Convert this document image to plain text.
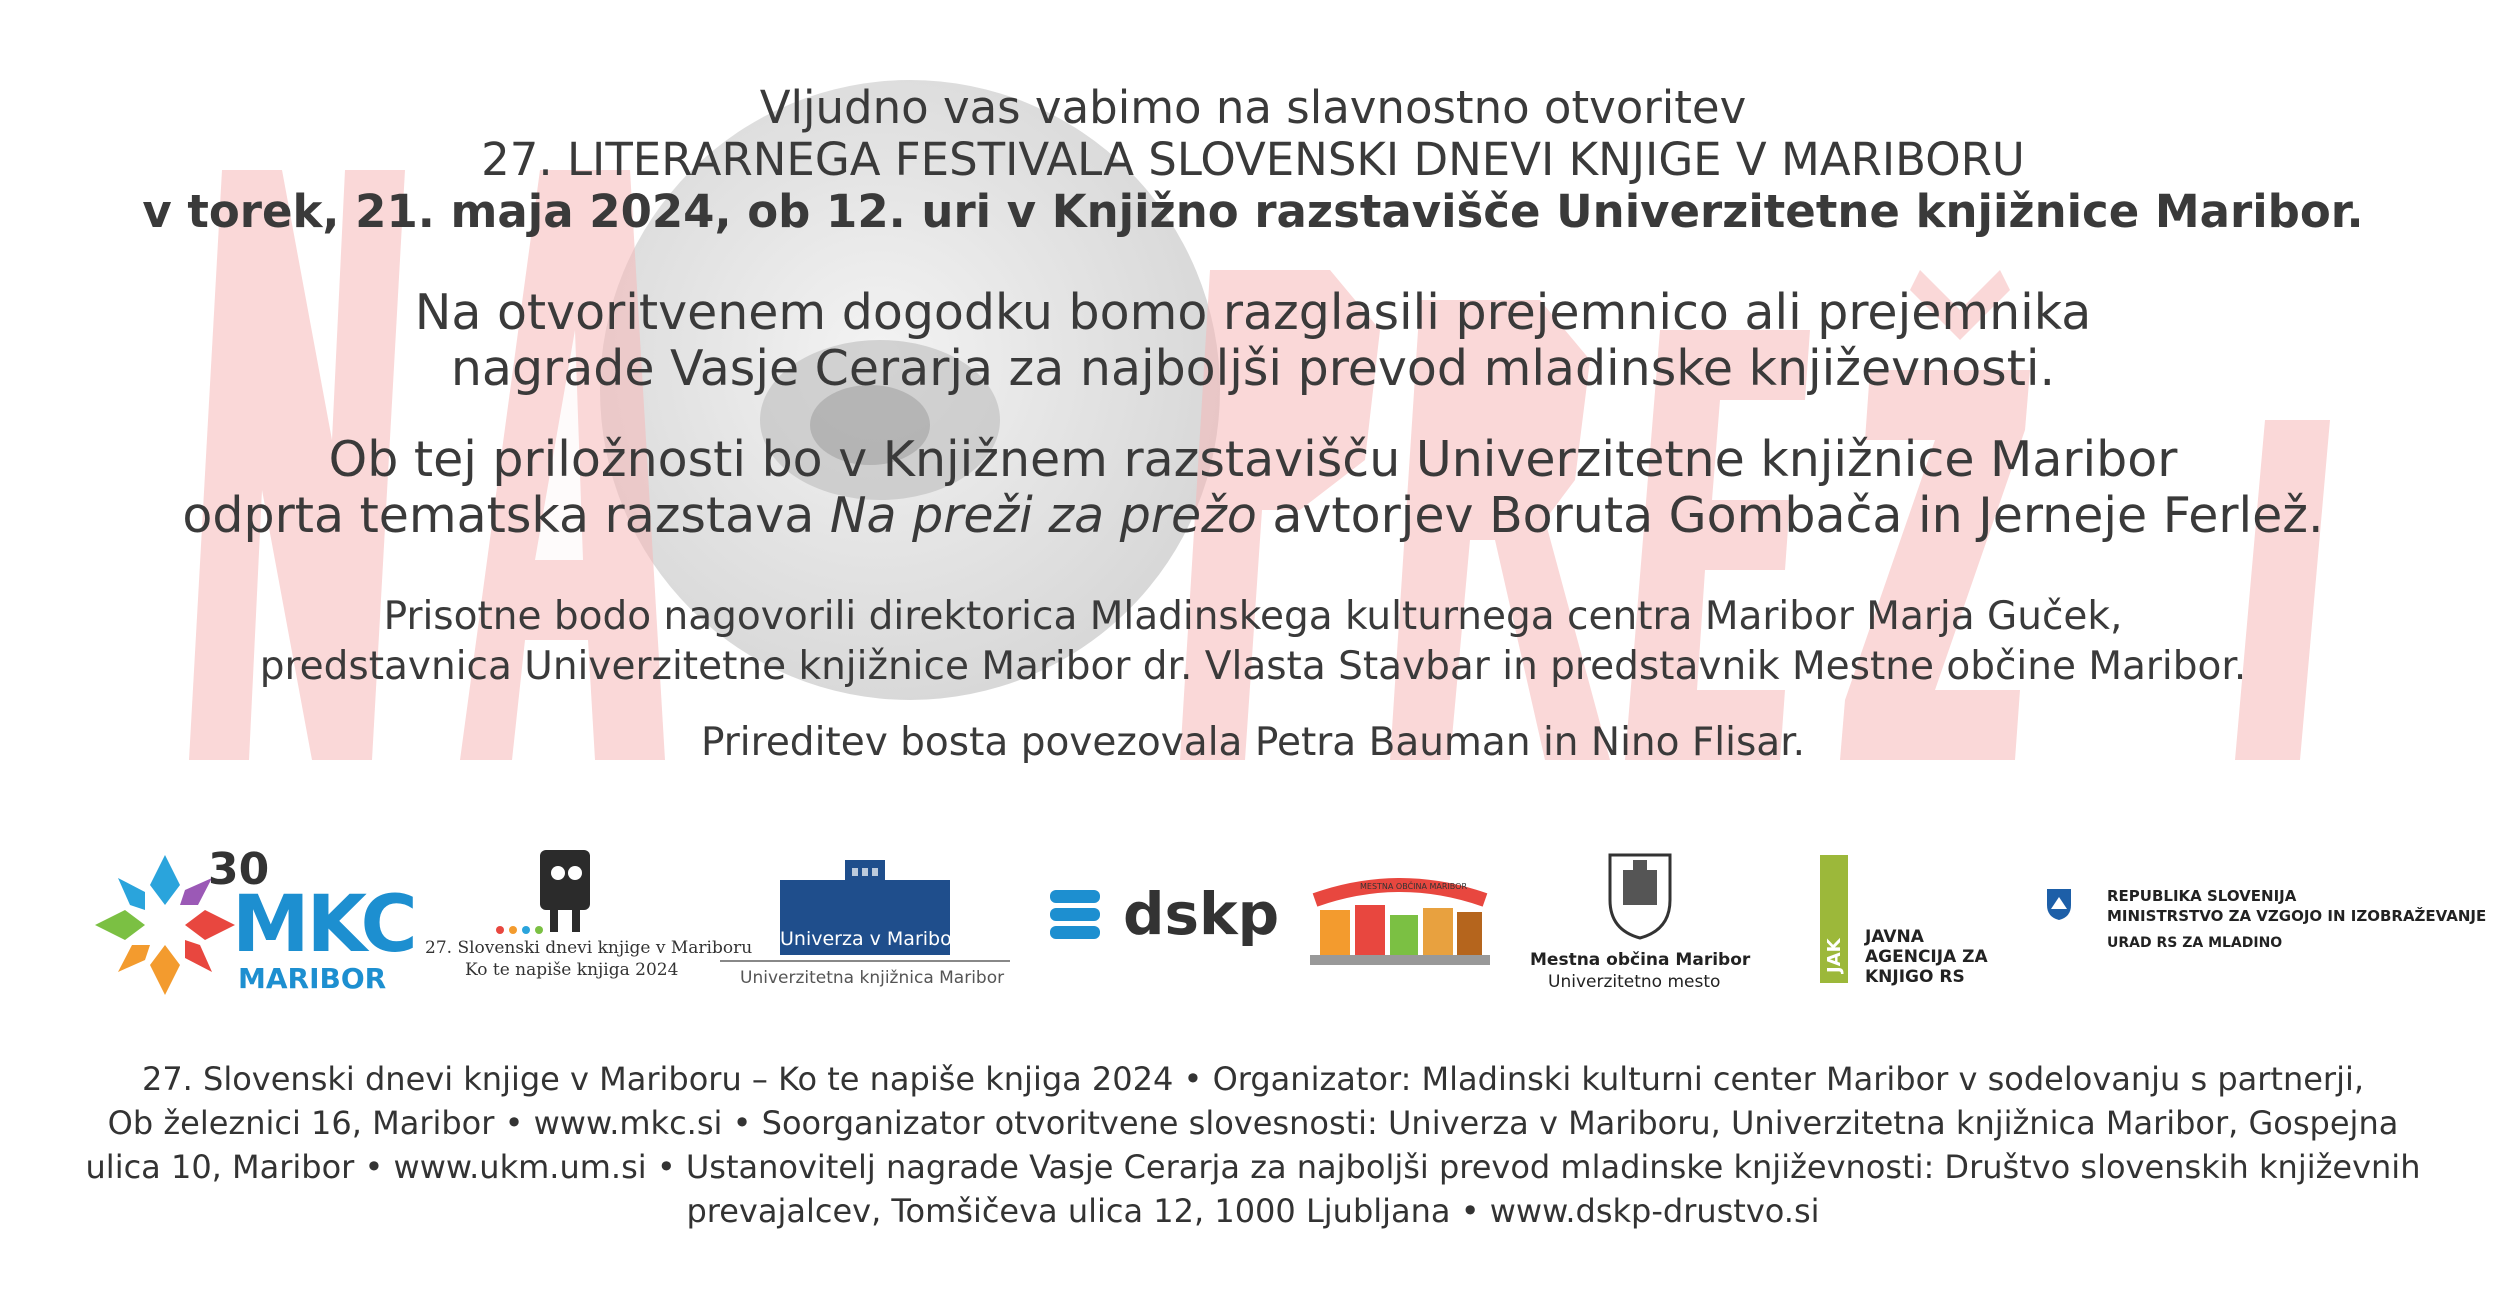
Vljudno vas vabimo na slavnostno otvoritev
27. LITERARNEGA FESTIVALA SLOVENSKI DNEVI KNJIGE V MARIBORU
v torek, 21. maja 2024, ob 12. uri v Knjižno razstavišče Univerzitetne knjižnice Maribor.
Na otvoritvenem dogodku bomo razglasili prejemnico ali prejemnika
nagrade Vasje Cerarja za najboljši prevod mladinske književnosti.
Ob tej priložnosti bo v Knjižnem razstavišču Univerzitetne knjižnice Maribor
odprta tematska razstava Na preži za prežo avtorjev Boruta Gombača in Jerneje Ferlež.
Prisotne bodo nagovorili direktorica Mladinskega kulturnega centra Maribor Marja Guček,
predstavnica Univerzitetne knjižnice Maribor dr. Vlasta Stavbar in predstavnik Mestne občine Maribor.
Prireditev bosta povezovala Petra Bauman in Nino Flisar.
30
MKC
MARIBOR
27. Slovenski dnevi knjige v Mariboru
Ko te napiše knjiga 2024
Univerza v Mariboru
Univerzitetna knjižnica Maribor
dskp	MESTNA OBČINA MARIBOR
Mestna občina Maribor
Univerzitetno mesto
JAK
JAVNA
AGENCIJA ZA
KNJIGO RS
REPUBLIKA SLOVENIJA
MINISTRSTVO ZA VZGOJO IN IZOBRAŽEVANJE
URAD RS ZA MLADINO
27. Slovenski dnevi knjige v Mariboru – Ko te napiše knjiga 2024 • Organizator: Mladinski kulturni center Maribor v sodelovanju s partnerji,
Ob železnici 16, Maribor • www.mkc.si • Soorganizator otvoritvene slovesnosti: Univerza v Mariboru, Univerzitetna knjižnica Maribor, Gospejna
ulica 10, Maribor • www.ukm.um.si • Ustanovitelj nagrade Vasje Cerarja za najboljši prevod mladinske književnosti: Društvo slovenskih književnih
prevajalcev, Tomšičeva ulica 12, 1000 Ljubljana • www.dskp-drustvo.si
